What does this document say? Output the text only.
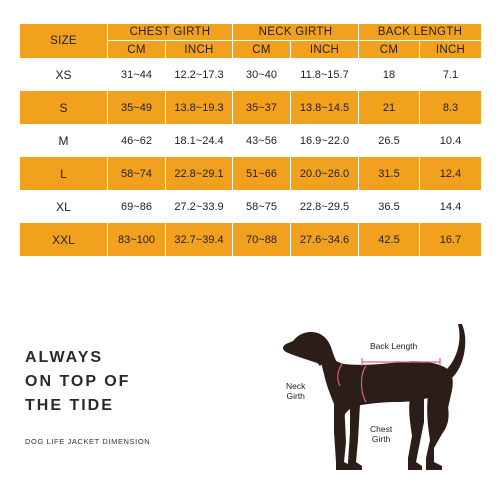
SIZE	CHEST GIRTH		NECK GIRTH		BACK LENGTH	
	CM	INCH	CM	INCH	CM	INCH
XS	31~44	12.2~17.3	30~40	11.8~15.7	18	7.1
S	35~49	13.8~19.3	35~37	13.8~14.5	21	8.3
M	46~62	18.1~24.4	43~56	16.9~22.0	26.5	10.4
L	58~74	22.8~29.1	51~66	20.0~26.0	31.5	12.4
XL	69~86	27.2~33.9	58~75	22.8~29.5	36.5	14.4
XXL	83~100	32.7~39.4	70~88	27.6~34.6	42.5	16.7
ALWAYS
ON TOP OF
THE TIDE
DOG LIFE JACKET DIMENSION
Back Length
Neck
Girth
Chest
Girth
